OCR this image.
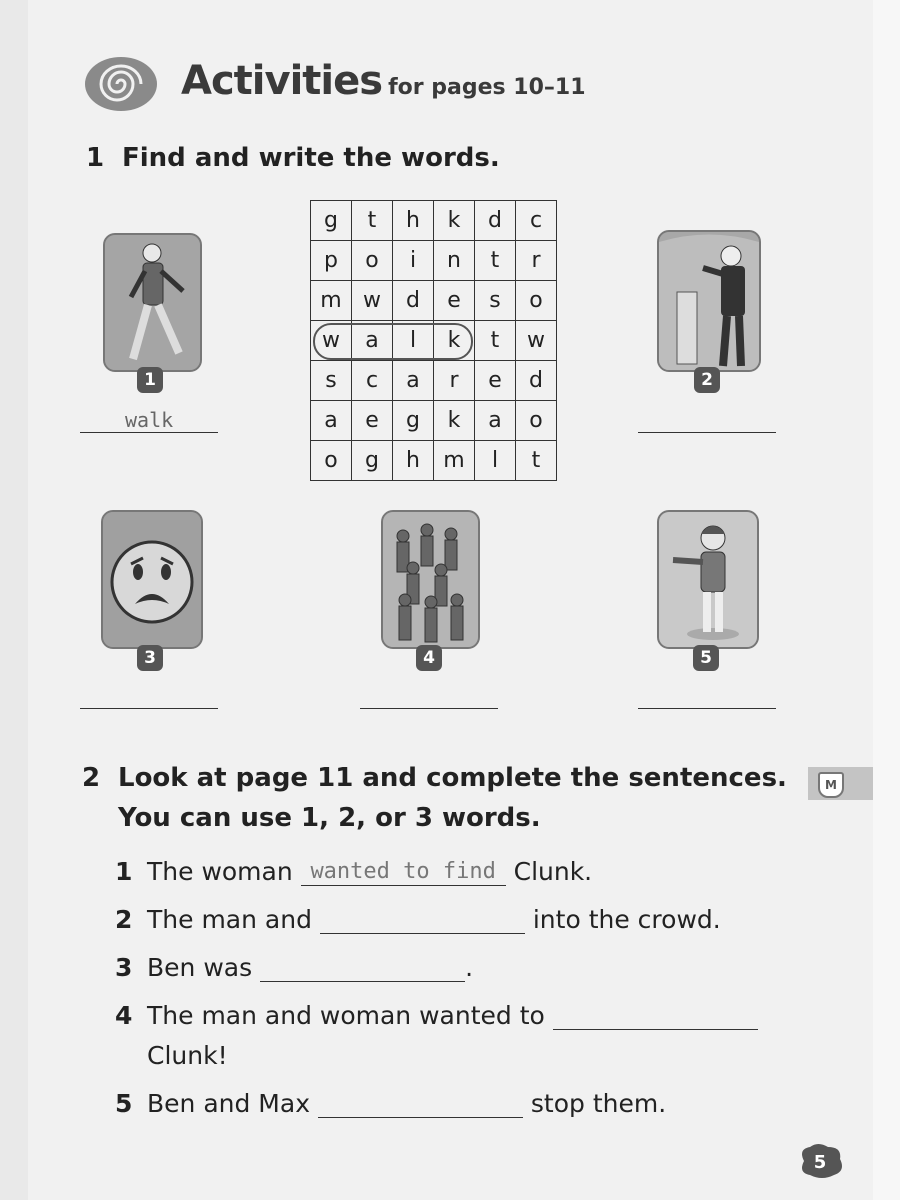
Activities for pages 10–11
1 Find and write the words.
g	t	h	k	d	c
p	o	i	n	t	r
m	w	d	e	s	o
w	a	l	k	t	w
s	c	a	r	e	d
a	e	g	k	a	o
o	g	h	m	l	t
1
walk
2
3	4	5
2 Look at page 11 and complete the sentences.
You can use 1, 2, or 3 words.
M
1 The woman wanted to find Clunk.
2 The man and	into the crowd.
3 Ben was	.
4 The man and woman wanted to
Clunk!
5 Ben and Max	stop them.
5
